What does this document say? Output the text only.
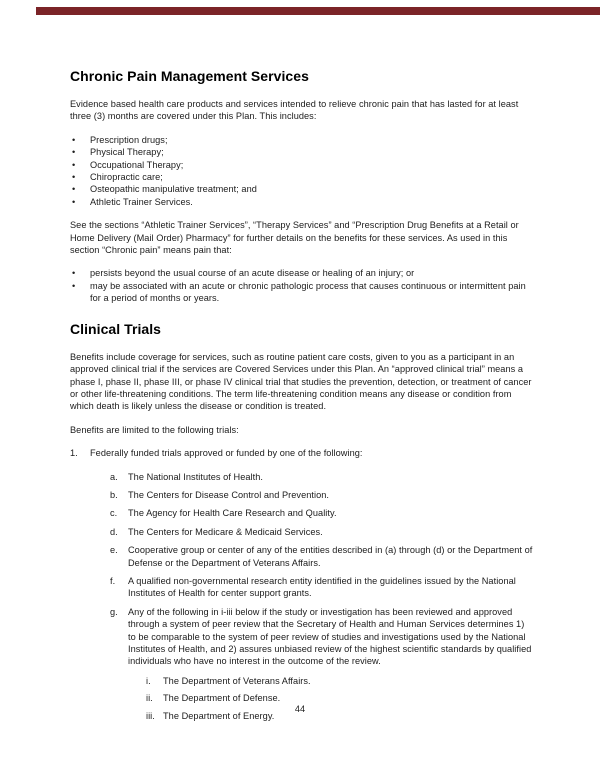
Chronic Pain Management Services

Evidence based health care products and services intended to relieve chronic pain that has lasted for at least three (3) months are covered under this Plan. This includes:

• Prescription drugs;
• Physical Therapy;
• Occupational Therapy;
• Chiropractic care;
• Osteopathic manipulative treatment; and
• Athletic Trainer Services.

See the sections “Athletic Trainer Services”, “Therapy Services” and “Prescription Drug Benefits at a Retail or Home Delivery (Mail Order) Pharmacy” for further details on the benefits for these services. As used in this section “Chronic pain” means pain that:

• persists beyond the usual course of an acute disease or healing of an injury; or
• may be associated with an acute or chronic pathologic process that causes continuous or intermittent pain for a period of months or years.
Clinical Trials

Benefits include coverage for services, such as routine patient care costs, given to you as a participant in an approved clinical trial if the services are Covered Services under this Plan. An “approved clinical trial” means a phase I, phase II, phase III, or phase IV clinical trial that studies the prevention, detection, or treatment of cancer or other life-threatening conditions. The term life-threatening condition means any disease or condition from which death is likely unless the disease or condition is treated.

Benefits are limited to the following trials:

1.	Federally funded trials approved or funded by one of the following:
a.	The National Institutes of Health.
b.	The Centers for Disease Control and Prevention.
c.	The Agency for Health Care Research and Quality.
d.	The Centers for Medicare & Medicaid Services.
e.	Cooperative group or center of any of the entities described in (a) through (d) or the Department of Defense or the Department of Veterans Affairs.
f.	A qualified non-governmental research entity identified in the guidelines issued by the National Institutes of Health for center support grants.
g.	Any of the following in i-iii below if the study or investigation has been reviewed and approved through a system of peer review that the Secretary of Health and Human Services determines 1) to be comparable to the system of peer review of studies and investigations used by the National Institutes of Health, and 2) assures unbiased review of the highest scientific standards by qualified individuals who have no interest in the outcome of the review.
i.	The Department of Veterans Affairs.
ii.	The Department of Defense.
iii. The Department of Energy.
44
